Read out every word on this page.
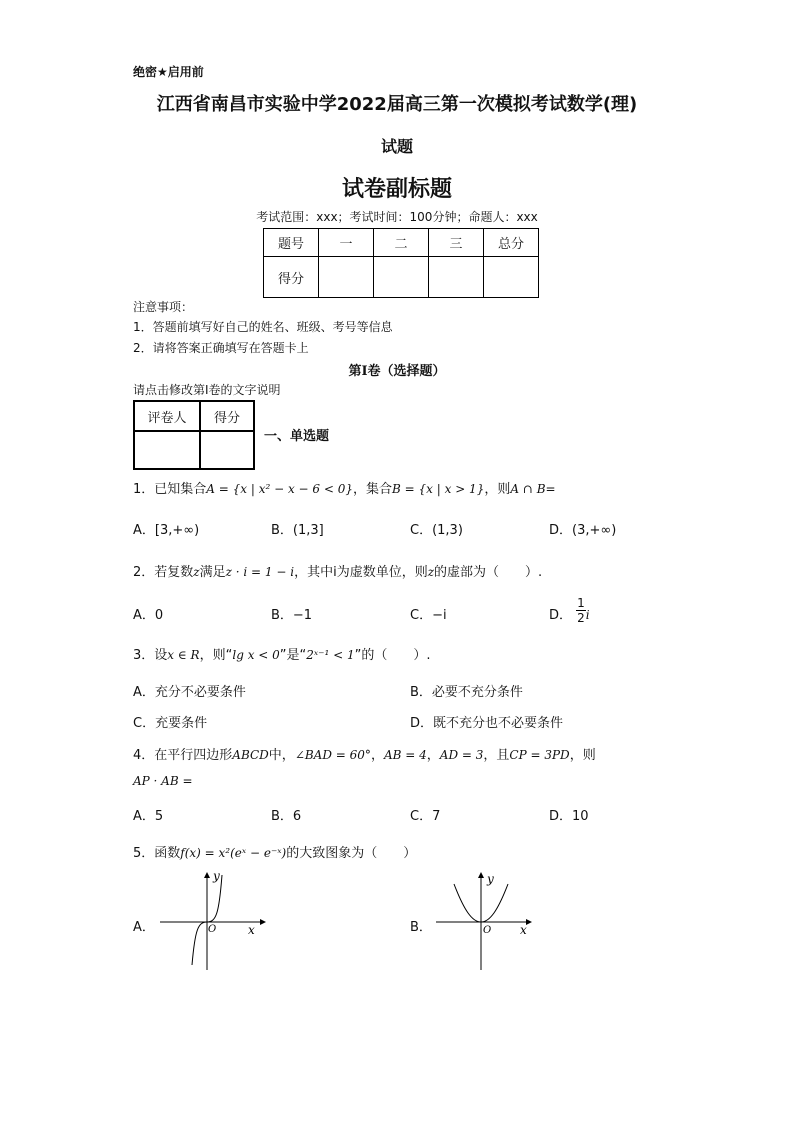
绝密★启用前
江西省南昌市实验中学2022届高三第一次模拟考试数学(理)
试题
试卷副标题
考试范围：xxx；考试时间：100分钟；命题人：xxx
题号	一	二	三	总分
得分				
注意事项：
1．答题前填写好自己的姓名、班级、考号等信息
2．请将答案正确填写在答题卡上
第I卷（选择题）
请点击修改第I卷的文字说明
评卷人	得分

一、单选题
1．已知集合A = {x | x² − x − 6 < 0}，集合B = {x | x > 1}，则A ∩ B=
A．[3,+∞)	B．(1,3]	C．(1,3)	D．(3,+∞)
2．若复数z满足z · i = 1 − i，其中i为虚数单位，则z的虚部为（　　）.
A．0	B．−1	C．−i	D． $\frac{1}{2}$ i
3．设x ∈ R，则“lg x < 0”是“2ˣ⁻¹ < 1”的（　　）.
A．充分不必要条件	B．必要不充分条件
C．充要条件	D．既不充分也不必要条件
4．在平行四边形ABCD中，∠BAD = 60°，AB = 4，AD = 3，且CP = 3PD，则
AP · AB =
A．5	B．6	C．7	D．10
5．函数f(x) = x²(eˣ − e⁻ˣ)的大致图象为（　　）
A．	B．
y
x
O
y
x
O
